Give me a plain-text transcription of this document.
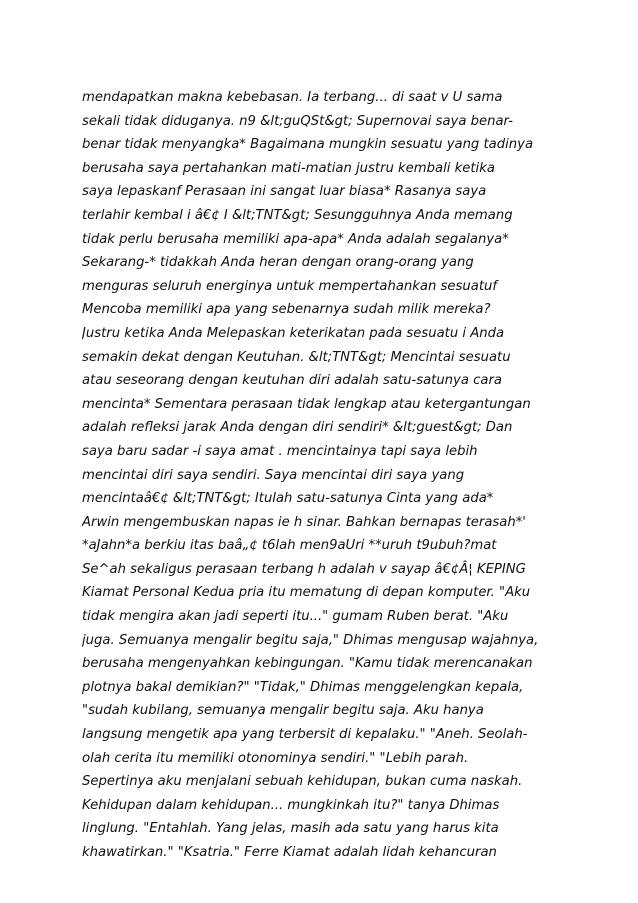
mendapatkan makna kebebasan. Ia terbang... di saat v U sama
sekali tidak diduganya. n9 &lt;guQSt&gt; Supernovai saya benar-
benar tidak menyangka* Bagaimana mungkin sesuatu yang tadinya
berusaha saya pertahankan mati-matian justru kembali ketika
saya lepaskanf Perasaan ini sangat luar biasa* Rasanya saya
terlahir kembal i â€¢ I &lt;TNT&gt; Sesungguhnya Anda memang
tidak perlu berusaha memiliki apa-apa* Anda adalah segalanya*
Sekarang-* tidakkah Anda heran dengan orang-orang yang
menguras seluruh energinya untuk mempertahankan sesuatuf
Mencoba memiliki apa yang sebenarnya sudah milik mereka?
Justru ketika Anda Melepaskan keterikatan pada sesuatu i Anda
semakin dekat dengan Keutuhan. &lt;TNT&gt; Mencintai sesuatu
atau seseorang dengan keutuhan diri adalah satu-satunya cara
mencinta* Sementara perasaan tidak lengkap atau ketergantungan
adalah refleksi jarak Anda dengan diri sendiri* &lt;guest&gt; Dan
saya baru sadar -i saya amat . mencintainya tapi saya lebih
mencintai diri saya sendiri. Saya mencintai diri saya yang
mencintaâ€¢ &lt;TNT&gt; Itulah satu-satunya Cinta yang ada*
Arwin mengembuskan napas ie h sinar. Bahkan bernapas terasah*'
*aJahn*a berkiu itas baâ„¢ t6lah men9aUri **uruh t9ubuh?mat
Se^ah sekaligus perasaan terbang h adalah v sayap â€¢Â¦ KEPING
Kiamat Personal Kedua pria itu mematung di depan komputer. "Aku
tidak mengira akan jadi seperti itu..." gumam Ruben berat. "Aku
juga. Semuanya mengalir begitu saja," Dhimas mengusap wajahnya,
berusaha mengenyahkan kebingungan. "Kamu tidak merencanakan
plotnya bakal demikian?" "Tidak," Dhimas menggelengkan kepala,
"sudah kubilang, semuanya mengalir begitu saja. Aku hanya
langsung mengetik apa yang terbersit di kepalaku." "Aneh. Seolah-
olah cerita itu memiliki otonominya sendiri." "Lebih parah.
Sepertinya aku menjalani sebuah kehidupan, bukan cuma naskah.
Kehidupan dalam kehidupan... mungkinkah itu?" tanya Dhimas
linglung. "Entahlah. Yang jelas, masih ada satu yang harus kita
khawatirkan." "Ksatria." Ferre Kiamat adalah lidah kehancuran
